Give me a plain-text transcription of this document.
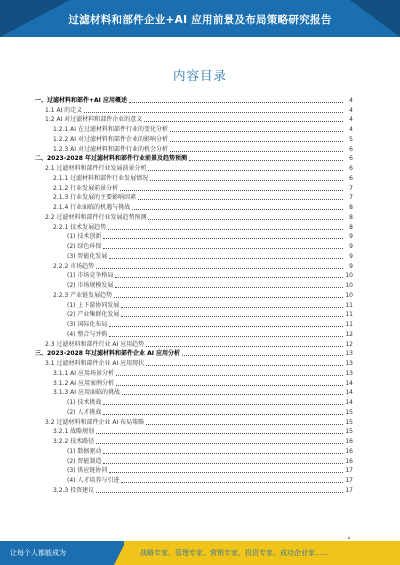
过滤材料和部件企业+AI 应用前景及布局策略研究报告
内容目录
一、过滤材料和部件+AI 应用概述	4
1.1 AI 的定义	4
1.2 AI 对过滤材料和部件企业的意义	4
1.2.1 AI 在过滤材料和部件行业的变化分析	4
1.2.2 AI 对过滤材料和部件企业的影响分析	5
1.2.3 AI 对过滤材料和部件行业的机会分析	6
二、2023-2028 年过滤材料和部件行业前景及趋势预测	6
2.1 过滤材料和部件行业发展前景分析	6
2.1.1 过滤材料和部件行业发展情况	6
2.1.2 行业发展前景分析	7
2.1.3 行业发展的主要影响因素	7
2.1.4 行业面临的机遇与挑战	8
2.2 过滤材料和部件行业发展趋势预测	8
2.2.1 技术发展趋势	8
(1) 技术创新	9
(2) 绿色环保	9
(3) 智能化发展	9
2.2.2 市场趋势	9
(1) 市场竞争格局	10
(2) 市场规模发展	10
2.2.3 产业链发展趋势	10
(1) 上下游协同发展	11
(2) 产业集群化发展	11
(3) 国际化布局	11
(4) 整合与并购	12
2.3 过滤材料和部件行业 AI 应用趋势	12
三、2023-2028 年过滤材料和部件企业 AI 应用分析	13
3.1 过滤材料和部件企业 AI 应用现状	13
3.1.1 AI 应用场景分析	13
3.1.2 AI 应用案例分析	14
3.1.3 AI 应用面临的挑战	14
(1) 技术挑战	14
(2) 人才挑战	15
3.2 过滤材料和部件企业 AI 布局策略	15
3.2.1 战略规划	15
3.2.2 技术路径	16
(1) 数据驱动	16
(2) 智能制造	16
(3) 供应链协同	17
(4) 人才培养与引进	17
3.2.3 投资建议	17
让每个人都能成为	战略专家、管理专家、营销专家、投资专家、成功企业家……
